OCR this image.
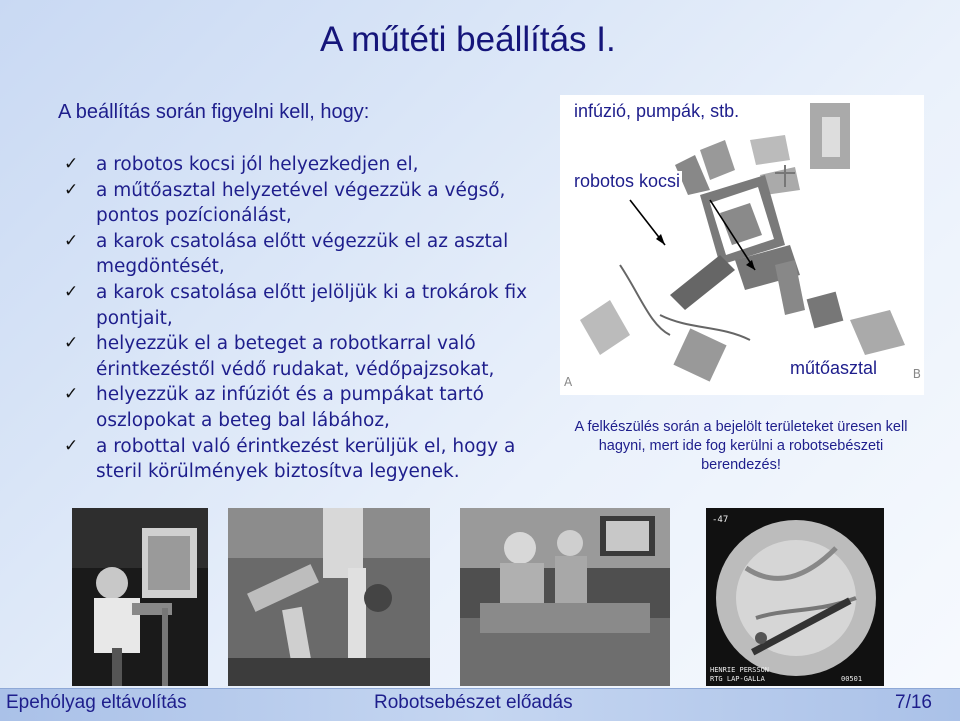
A műtéti beállítás I.
A beállítás során figyelni kell, hogy:
✓ a robotos kocsi jól helyezkedjen el,
✓ a műtőasztal helyzetével végezzük a végső, pontos pozícionálást,
✓ a karok csatolása előtt végezzük el az asztal megdöntését,
✓ a karok csatolása előtt jelöljük ki a trokárok fix pontjait,
✓ helyezzük el a beteget a robotkarral való érintkezéstől védő rudakat, védőpajzsokat,
✓ helyezzük az infúziót és a pumpákat tartó oszlopokat a beteg bal lábához,
✓ a robottal való érintkezést kerüljük el, hogy a steril körülmények biztosítva legyenek.
infúzió, pumpák, stb.
robotos kocsi
műtőasztal
A
B
A felkészülés során a bejelölt területeket üresen kell hagyni, mert ide fog kerülni a robotsebészeti berendezés!
-47
HENRIE PERSSON
RTG LAP-GALLA	00501
Epehólyag eltávolítás	Robotsebészet előadás	7/16
